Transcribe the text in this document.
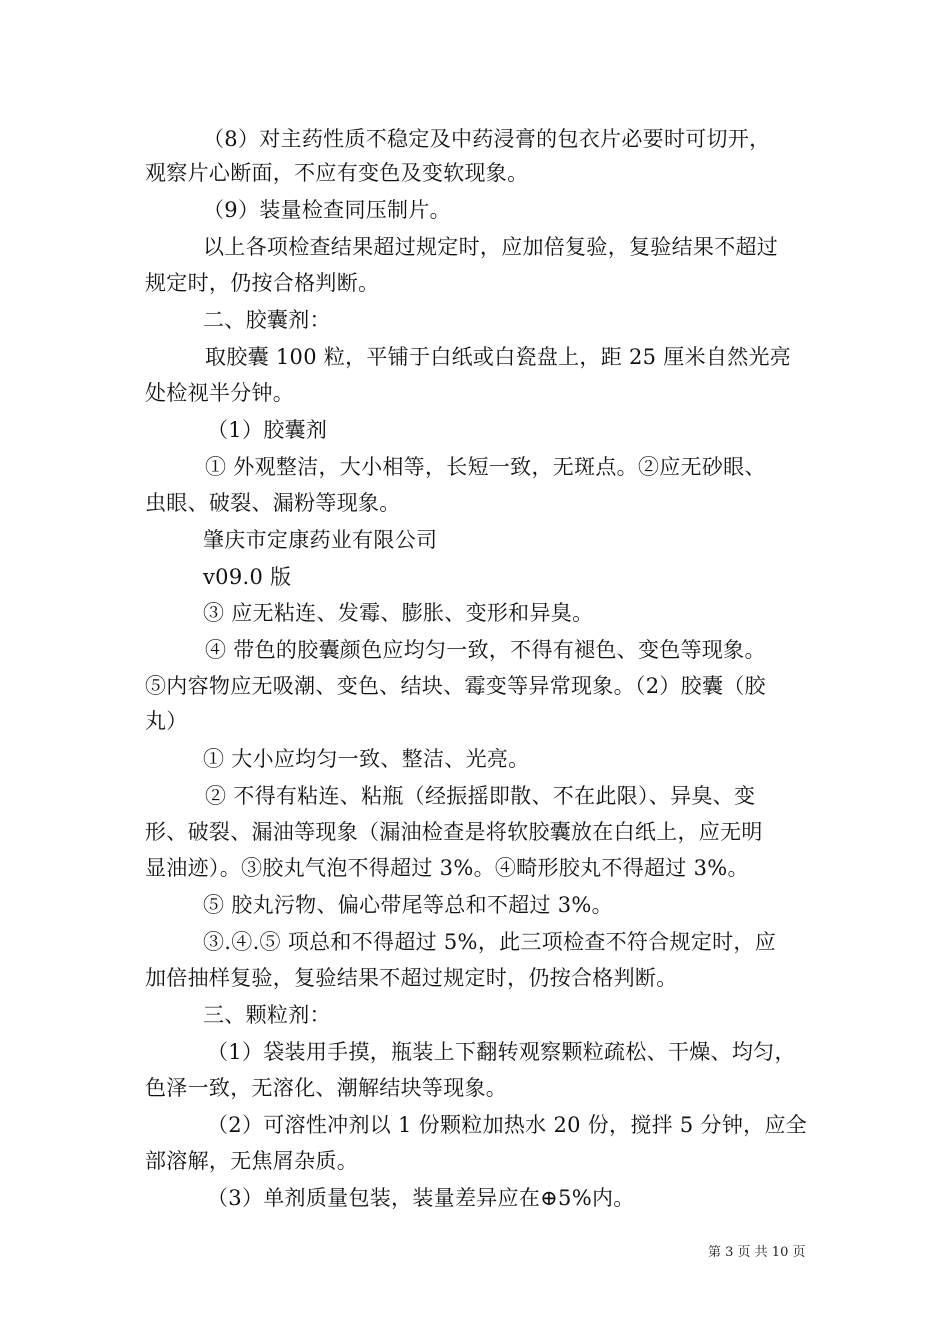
（8）对主药性质不稳定及中药浸膏的包衣片必要时可切开，
观察片心断面，不应有变色及变软现象。
（9）装量检查同压制片。
以上各项检查结果超过规定时，应加倍复验，复验结果不超过
规定时，仍按合格判断。
二、胶囊剂：
取胶囊 100 粒，平铺于白纸或白瓷盘上，距 25 厘米自然光亮
处检视半分钟。
（1）胶囊剂
① 外观整洁，大小相等，长短一致，无斑点。②应无砂眼、
虫眼、破裂、漏粉等现象。
肇庆市定康药业有限公司
v09.0 版
③ 应无粘连、发霉、膨胀、变形和异臭。
④ 带色的胶囊颜色应均匀一致，不得有褪色、变色等现象。
⑤内容物应无吸潮、变色、结块、霉变等异常现象。（2）胶囊（胶
丸）
① 大小应均匀一致、整洁、光亮。
② 不得有粘连、粘瓶（经振摇即散、不在此限）、异臭、变
形、破裂、漏油等现象（漏油检查是将软胶囊放在白纸上，应无明
显油迹）。③胶丸气泡不得超过 3%。④畸形胶丸不得超过 3%。
⑤ 胶丸污物、偏心带尾等总和不超过 3%。
③.④.⑤ 项总和不得超过 5%，此三项检查不符合规定时，应
加倍抽样复验，复验结果不超过规定时，仍按合格判断。
三、颗粒剂：
（1）袋装用手摸，瓶装上下翻转观察颗粒疏松、干燥、均匀，
色泽一致，无溶化、潮解结块等现象。
（2）可溶性冲剂以 1 份颗粒加热水 20 份，搅拌 5 分钟，应全
部溶解，无焦屑杂质。
（3）单剂质量包装，装量差异应在⊕5%内。
第 3 页 共 10 页
